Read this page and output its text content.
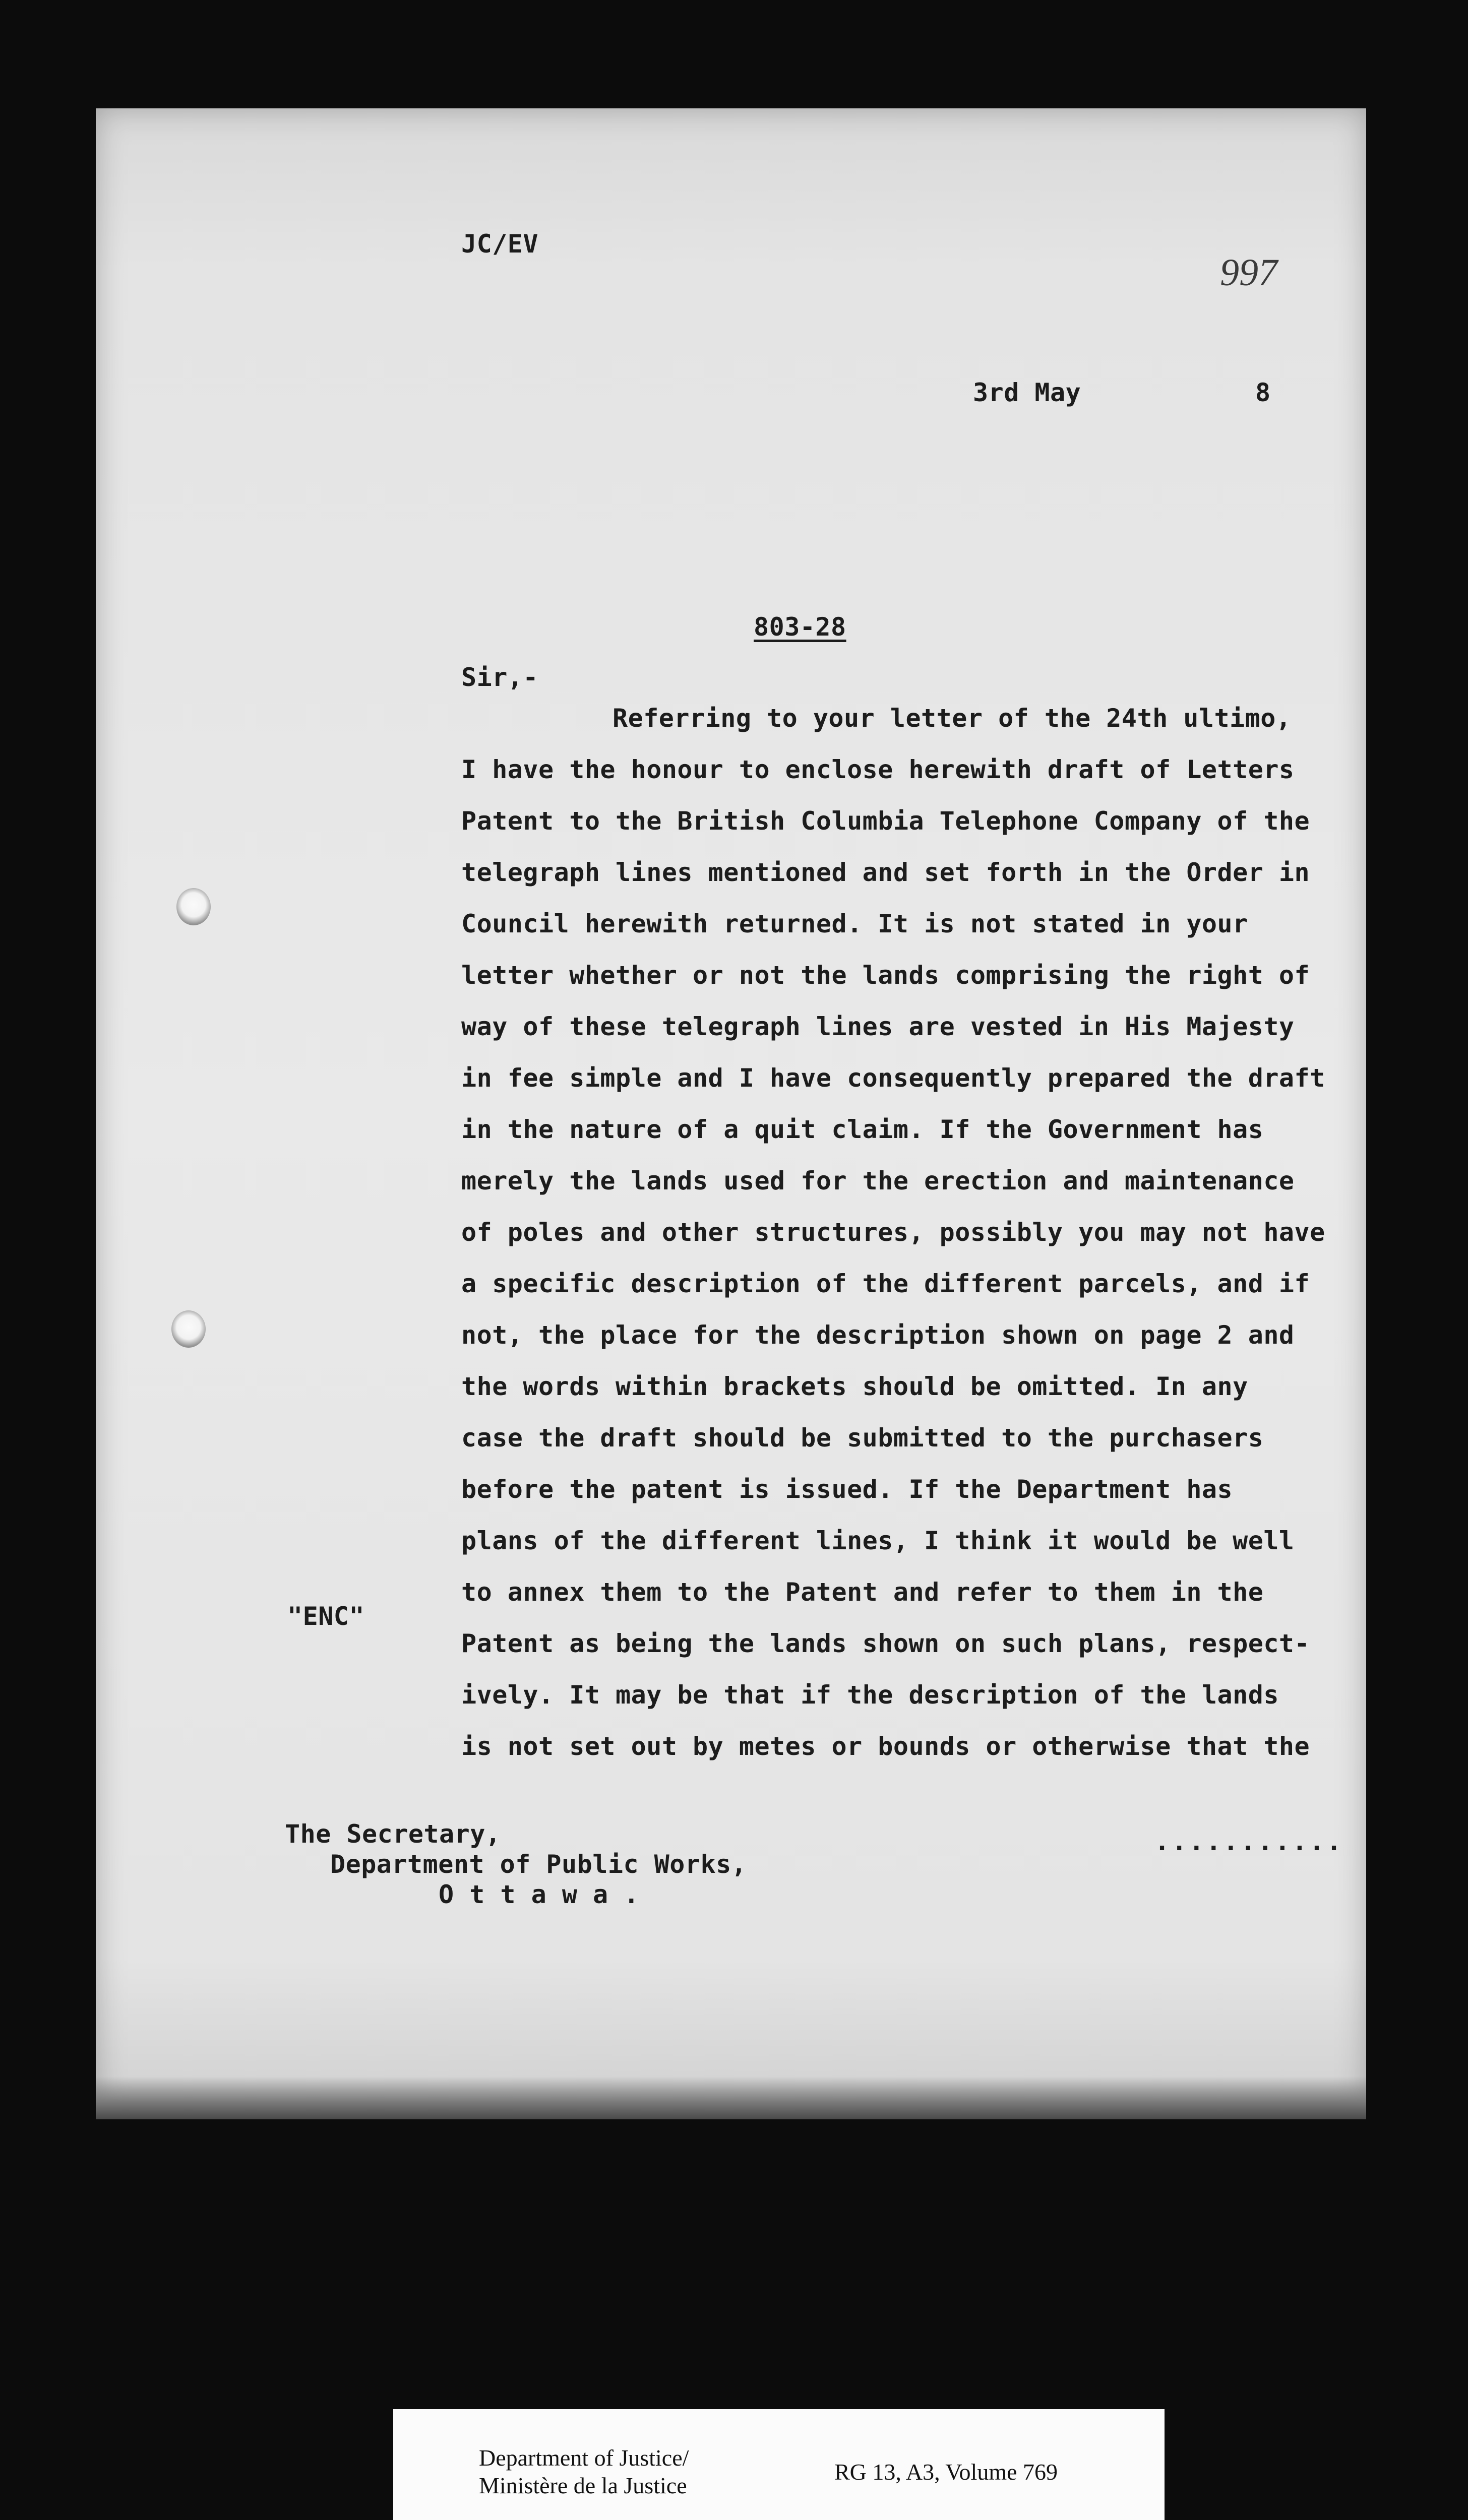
JC/EV
997
3rd May	8
803-28
Sir,-
Referring to your letter of the 24th ultimo,
I have the honour to enclose herewith draft of Letters
Patent to the British Columbia Telephone Company of the
telegraph lines mentioned and set forth in the Order in
Council herewith returned. It is not stated in your
letter whether or not the lands comprising the right of
way of these telegraph lines are vested in His Majesty
in fee simple and I have consequently prepared the draft
in the nature of a quit claim. If the Government has
merely the lands used for the erection and maintenance
of poles and other structures, possibly you may not have
a specific description of the different parcels, and if
not, the place for the description shown on page 2 and
the words within brackets should be omitted. In any
case the draft should be submitted to the purchasers
before the patent is issued. If the Department has
plans of the different lines, I think it would be well
to annex them to the Patent and refer to them in the
Patent as being the lands shown on such plans, respect-
ively. It may be that if the description of the lands
is not set out by metes or bounds or otherwise that the
"ENC"
The Secretary,
Department of Public Works,
O t t a w a .
...........
Department of Justice/
Ministère de la Justice
RG 13, A3, Volume 769
